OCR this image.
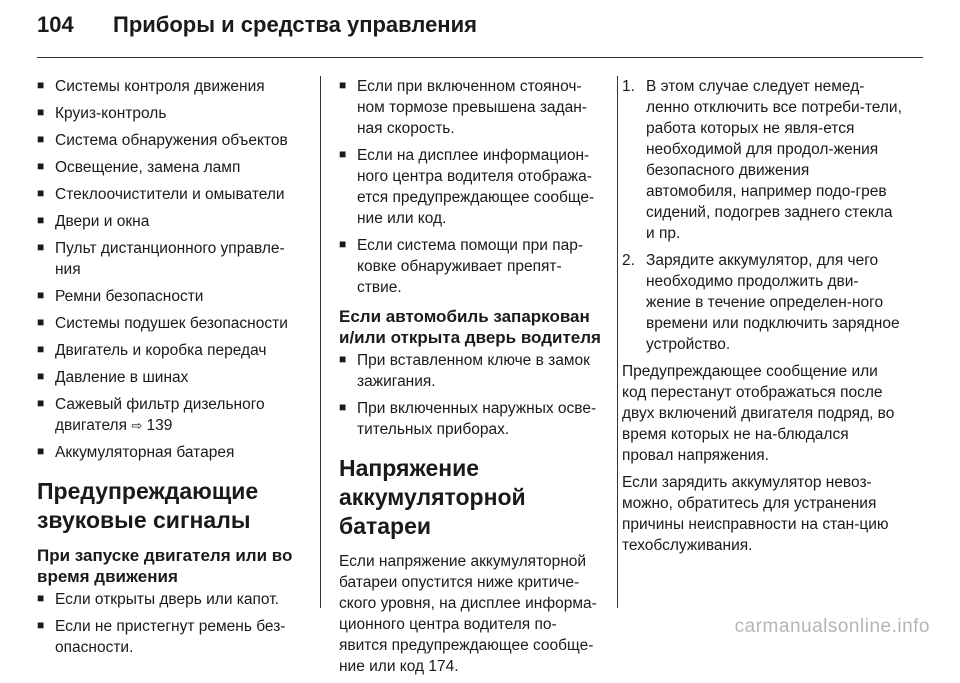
104 Приборы и средства управления
■ Системы контроля движения
■ Круиз-контроль
■ Система обнаружения объектов
■ Освещение, замена ламп
■ Стеклоочистители и омыватели
■ Двери и окна
■ Пульт дистанционного управле-ния
■ Ремни безопасности
■ Системы подушек безопасности
■ Двигатель и коробка передач
■ Давление в шинах
■ Сажевый фильтр дизельного двигателя ⇨ 139
■ Аккумуляторная батарея
Предупреждающие звуковые сигналы
При запуске двигателя или во время движения
■ Если открыты дверь или капот.
■ Если не пристегнут ремень без-опасности.
■ Если при включенном стояноч-ном тормозе превышена задан-ная скорость.
■ Если на дисплее информацион-ного центра водителя отобража-ется предупреждающее сообще-ние или код.
■ Если система помощи при пар-ковке обнаруживает препят-ствие.
Если автомобиль запаркован и/или открыта дверь водителя
■ При вставленном ключе в замок зажигания.
■ При включенных наружных осве-тительных приборах.
Напряжение аккумуляторной батареи

Если напряжение аккумуляторной батареи опустится ниже критиче-ского уровня, на дисплее информа-ционного центра водителя по-явится предупреждающее сообще-ние или код 174.

1. В этом случае следует немед-ленно отключить все потреби-тели, работа которых не явля-ется необходимой для продол-жения безопасного движения автомобиля, например подо-грев сидений, подогрев заднего стекла и пр.
2. Зарядите аккумулятор, для чего необходимо продолжить дви-жение в течение определен-ного времени или подключить зарядное устройство.

Предупреждающее сообщение или код перестанут отображаться после двух включений двигателя подряд, во время которых не на-блюдался провал напряжения.

Если зарядить аккумулятор невоз-можно, обратитесь для устранения причины неисправности на стан-цию техобслуживания.

carmanualsonline.info
